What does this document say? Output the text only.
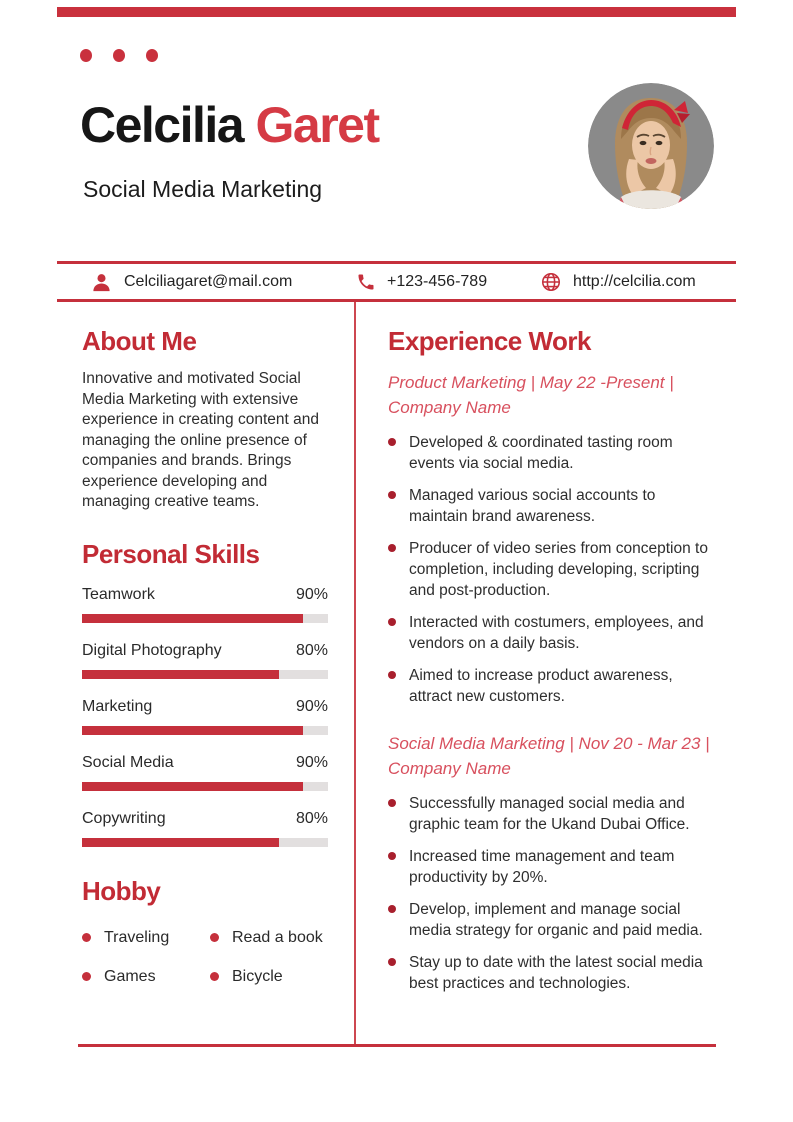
Celcilia Garet
Social Media Marketing
Celciliagaret@mail.com	+123-456-789	http://celcilia.com
About Me
Innovative and motivated Social Media Marketing with extensive experience in creating content and managing the online presence of companies and brands. Brings experience developing and managing creative teams.
Personal Skills
Teamwork	90%
Digital Photography	80%
Marketing	90%
Social Media	90%
Copywriting	80%
Hobby
Traveling	Read a book
Games	Bicycle
Experience Work
Product Marketing | May 22 -Present | Company Name
Developed & coordinated tasting room events via social media.
Managed various social accounts to maintain brand awareness.
Producer of video series from conception to completion, including developing, scripting and post-production.
Interacted with costumers, employees, and vendors on a daily basis.
Aimed to increase product awareness, attract new customers.
Social Media Marketing | Nov 20 - Mar 23 | Company Name
Successfully managed social media and graphic team for the Ukand Dubai Office.
Increased time management and team productivity by 20%.
Develop, implement and manage social media strategy for organic and paid media.
Stay up to date with the latest social media best practices and technologies.
